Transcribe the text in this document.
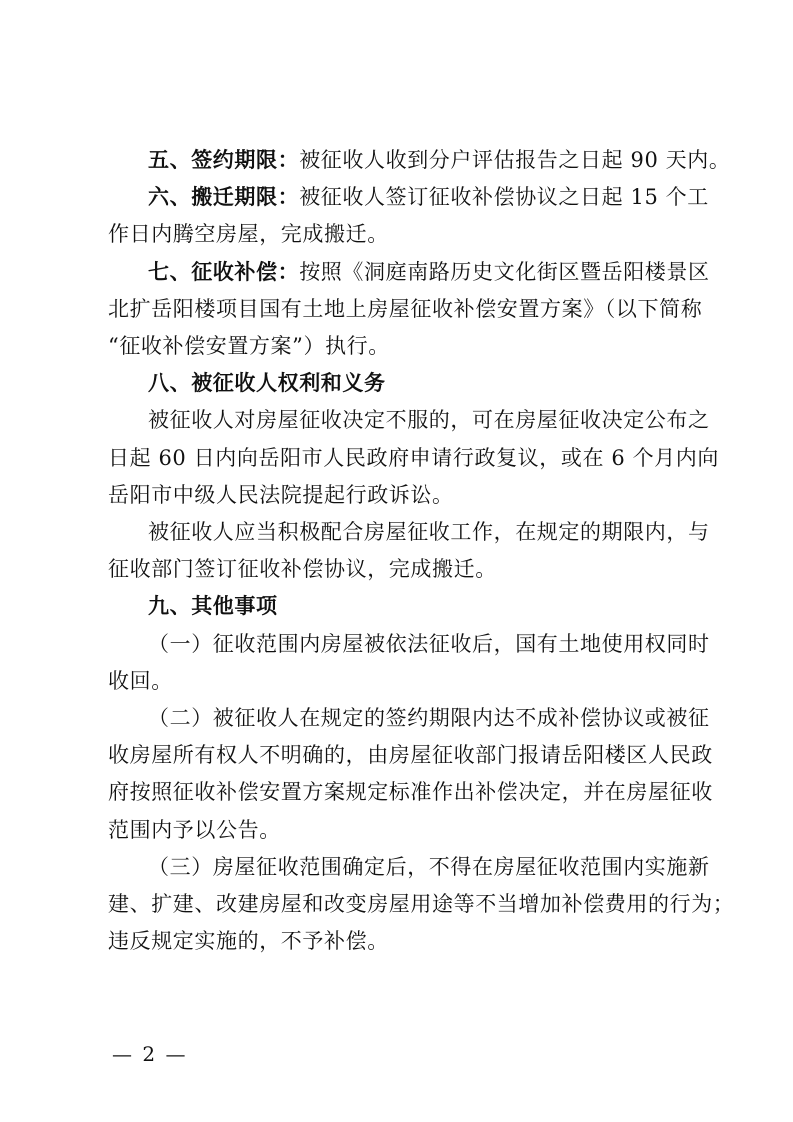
五、签约期限：被征收人收到分户评估报告之日起 90 天内。
六、搬迁期限：被征收人签订征收补偿协议之日起 15 个工
作日内腾空房屋，完成搬迁。
七、征收补偿：按照《洞庭南路历史文化街区暨岳阳楼景区
北扩岳阳楼项目国有土地上房屋征收补偿安置方案》（以下简称
“征收补偿安置方案”）执行。
八、被征收人权利和义务
被征收人对房屋征收决定不服的，可在房屋征收决定公布之
日起 60 日内向岳阳市人民政府申请行政复议，或在 6 个月内向
岳阳市中级人民法院提起行政诉讼。
被征收人应当积极配合房屋征收工作，在规定的期限内，与
征收部门签订征收补偿协议，完成搬迁。
九、其他事项
（一）征收范围内房屋被依法征收后，国有土地使用权同时
收回。
（二）被征收人在规定的签约期限内达不成补偿协议或被征
收房屋所有权人不明确的，由房屋征收部门报请岳阳楼区人民政
府按照征收补偿安置方案规定标准作出补偿决定，并在房屋征收
范围内予以公告。
（三）房屋征收范围确定后，不得在房屋征收范围内实施新
建、扩建、改建房屋和改变房屋用途等不当增加补偿费用的行为；
违反规定实施的，不予补偿。
— 2 —
